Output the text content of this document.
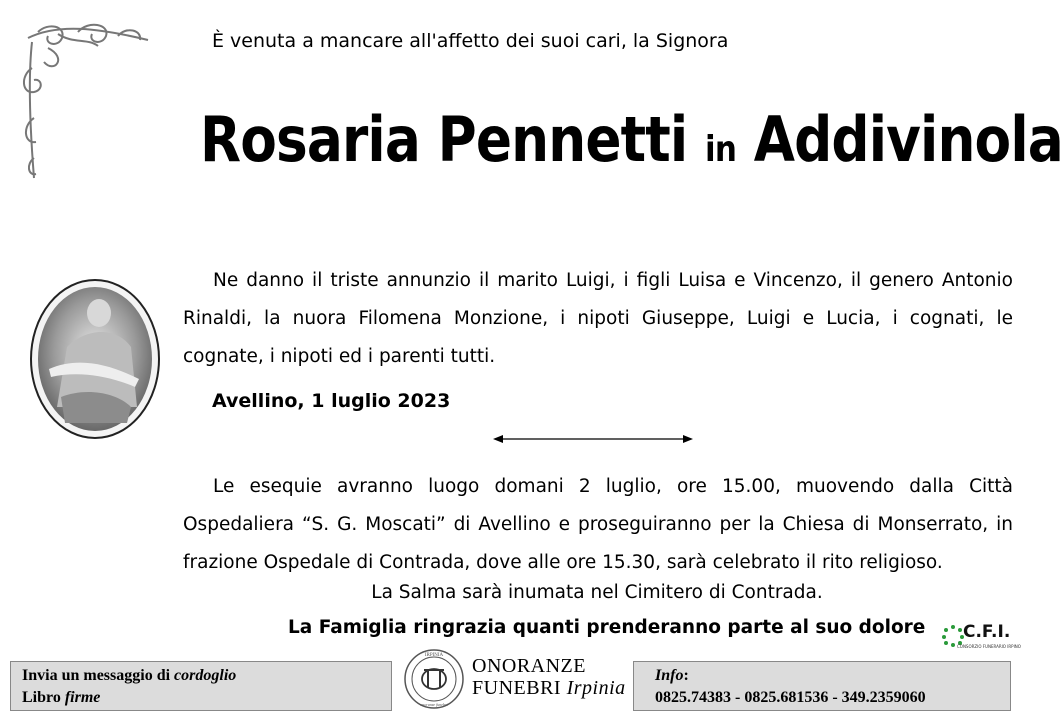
È venuta a mancare all'affetto dei suoi cari, la Signora
Rosaria Pennetti in Addivinola
Ne danno il triste annunzio il marito Luigi, i figli Luisa e Vincenzo, il genero Antonio Rinaldi, la nuora Filomena Monzione, i nipoti Giuseppe, Luigi e Lucia, i cognati, le cognate, i nipoti ed i parenti tutti.
Avellino, 1 luglio 2023
Le esequie avranno luogo domani 2 luglio, ore 15.00, muovendo dalla Città Ospedaliera “S. G. Moscati” di Avellino e proseguiranno per la Chiesa di Monserrato, in frazione Ospedale di Contrada, dove alle ore 15.30, sarà celebrato il rito religioso.
La Salma sarà inumata nel Cimitero di Contrada.
La Famiglia ringrazia quanti prenderanno parte al suo dolore C.F.I.
CONSORZIO FUNERARIO IRPINO
Invia un messaggio di cordoglio
Libro firme
IRPINIA
onoranze funebri
ONORANZE
FUNEBRI Irpinia
Info:
0825.74383 - 0825.681536 - 349.2359060
